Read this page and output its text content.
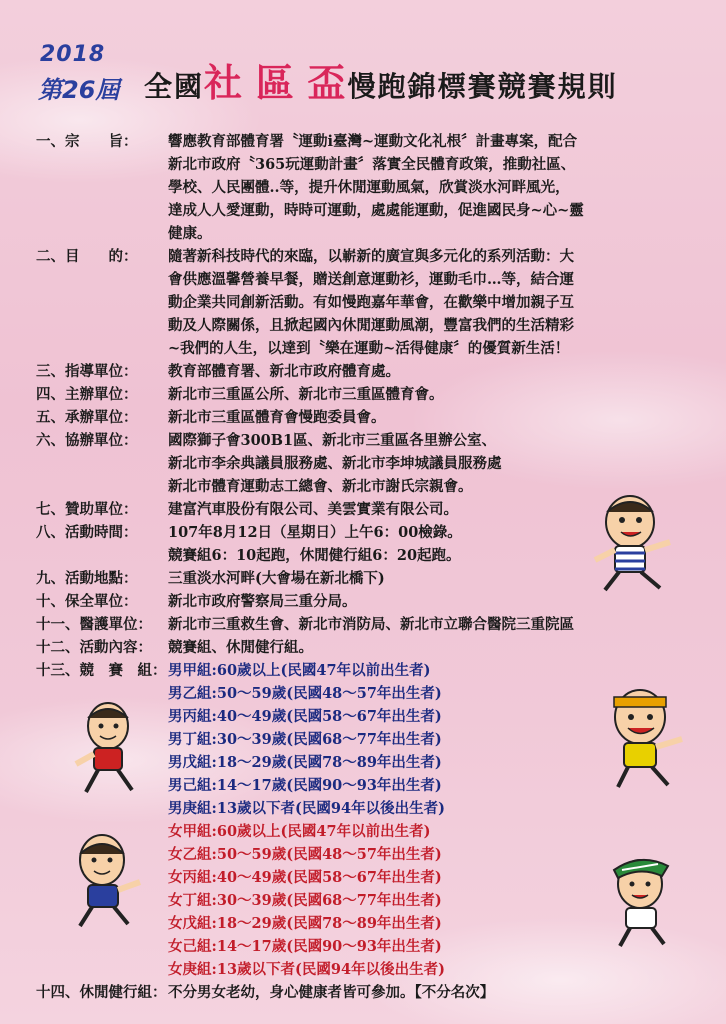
2018
第26屆 全國社 區 盃慢跑錦標賽競賽規則
一、宗　　旨：	響應教育部體育署〝運動i臺灣~運動文化礼根〞計畫專案，配合
新北市政府〝365玩運動計畫〞落實全民體育政策，推動社區、
學校、人民團體..等，提升休閒運動風氣，欣賞淡水河畔風光，
達成人人愛運動，時時可運動，處處能運動，促進國民身~心~靈
健康。
二、目　　的：	隨著新科技時代的來臨，以嶄新的廣宣與多元化的系列活動：大
會供應溫馨營養早餐，贈送創意運動衫，運動毛巾…等，結合運
動企業共同創新活動。有如慢跑嘉年華會，在歡樂中增加親子互
動及人際關係，且掀起國內休閒運動風潮，豐富我們的生活精彩
~我們的人生，以達到〝樂在運動~活得健康〞的優質新生活！
三、指導單位：	教育部體育署、新北市政府體育處。
四、主辦單位：	新北市三重區公所、新北市三重區體育會。
五、承辦單位：	新北市三重區體育會慢跑委員會。
六、協辦單位：	國際獅子會300B1區、新北市三重區各里辦公室、
新北市李余典議員服務處、新北市李坤城議員服務處
新北市體育運動志工總會、新北市謝氏宗親會。
七、贊助單位：	建富汽車股份有限公司、美雲實業有限公司。
八、活動時間：	107年8月12日（星期日）上午6：00檢錄。
競賽組6：10起跑，休閒健行組6：20起跑。
九、活動地點：	三重淡水河畔(大會場在新北橋下)
十、保全單位：	新北市政府警察局三重分局。
十一、醫護單位：	新北市三重救生會、新北市消防局、新北市立聯合醫院三重院區
十二、活動內容：	競賽組、休閒健行組。
十三、競　賽　組： 男甲組:60歲以上(民國47年以前出生者)
男乙組:50～59歲(民國48～57年出生者)
男丙組:40～49歲(民國58～67年出生者)
男丁組:30～39歲(民國68～77年出生者)
男戊組:18～29歲(民國78～89年出生者)
男己組:14～17歲(民國90～93年出生者)
男庚組:13歲以下者(民國94年以後出生者)
女甲組:60歲以上(民國47年以前出生者)
女乙組:50～59歲(民國48～57年出生者)
女丙組:40～49歲(民國58～67年出生者)
女丁組:30～39歲(民國68～77年出生者)
女戊組:18～29歲(民國78～89年出生者)
女己組:14～17歲(民國90～93年出生者)
女庚組:13歲以下者(民國94年以後出生者)
十四、休閒健行組： 不分男女老幼，身心健康者皆可參加。【不分名次】
